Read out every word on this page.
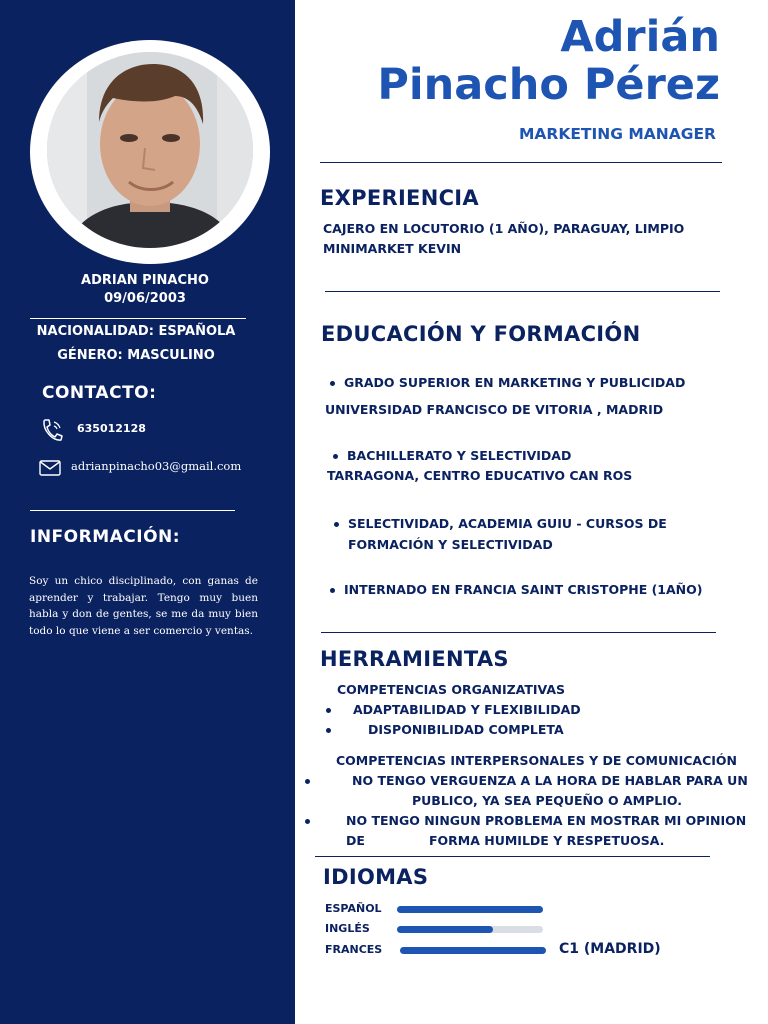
ADRIAN PINACHO
09/06/2003
NACIONALIDAD: ESPAÑOLA
GÉNERO: MASCULINO
CONTACTO:
635012128
adrianpinacho03@gmail.com
INFORMACIÓN:
Soy un chico disciplinado, con ganas de aprender y trabajar. Tengo muy buen habla y don de gentes, se me da muy bien todo lo que viene a ser comercio y ventas.
Adrián
Pinacho Pérez
MARKETING MANAGER
EXPERIENCIA
CAJERO EN LOCUTORIO (1 AÑO), PARAGUAY, LIMPIO
MINIMARKET KEVIN
EDUCACIÓN Y FORMACIÓN
GRADO SUPERIOR EN MARKETING Y PUBLICIDAD
UNIVERSIDAD FRANCISCO DE VITORIA , MADRID
BACHILLERATO Y SELECTIVIDAD
TARRAGONA, CENTRO EDUCATIVO CAN ROS
SELECTIVIDAD, ACADEMIA GUIU - CURSOS DE
FORMACIÓN Y SELECTIVIDAD
INTERNADO EN FRANCIA SAINT CRISTOPHE (1AÑO)
HERRAMIENTAS
COMPETENCIAS ORGANIZATIVAS
ADAPTABILIDAD Y FLEXIBILIDAD
DISPONIBILIDAD COMPLETA
COMPETENCIAS INTERPERSONALES Y DE COMUNICACIÓN
NO TENGO VERGUENZA A LA HORA DE HABLAR PARA UN
PUBLICO, YA SEA PEQUEÑO O AMPLIO.
NO TENGO NINGUN PROBLEMA EN MOSTRAR MI OPINION DE	FORMA HUMILDE Y RESPETUOSA.
IDIOMAS
ESPAÑOL
INGLÉS
FRANCES	C1 (MADRID)
